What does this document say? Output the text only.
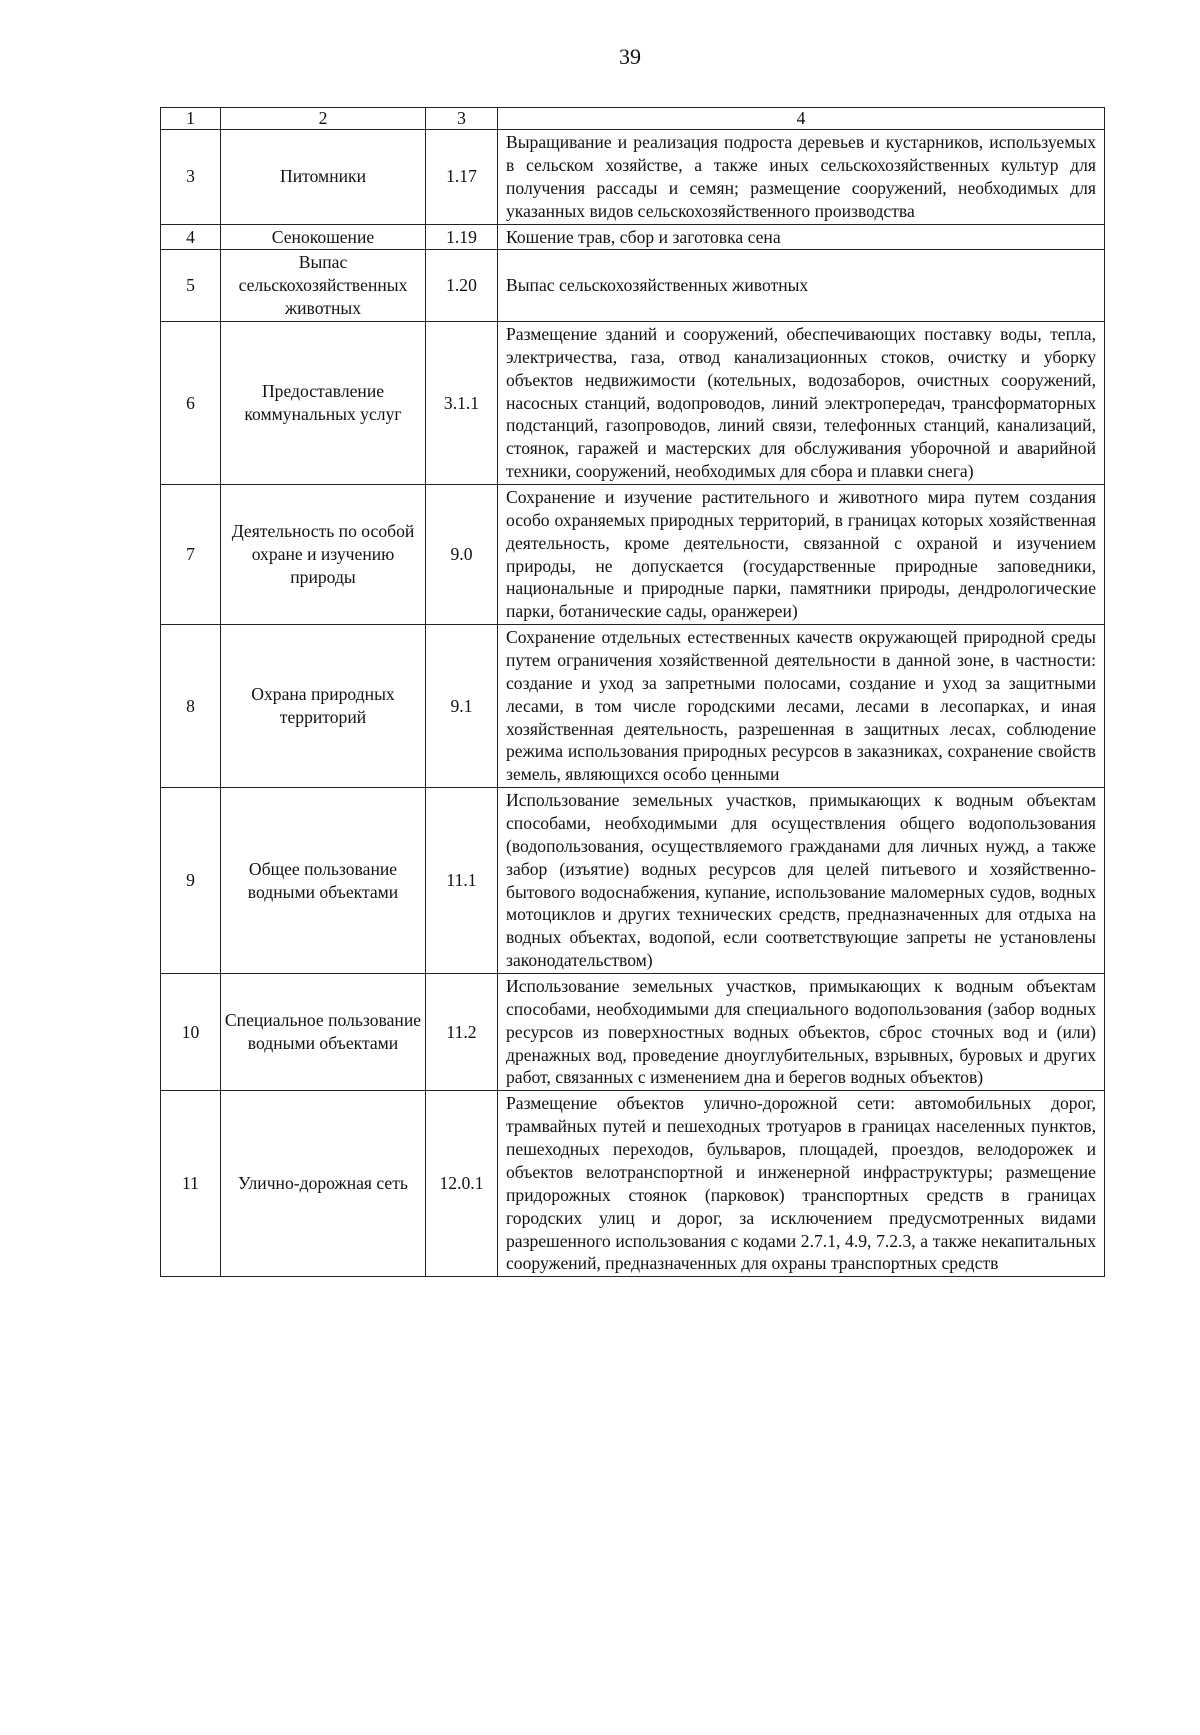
39
1	2	3	4
3	Питомники	1.17	Выращивание и реализация подроста деревьев и кустарников, используемых в сельском хозяйстве, а также иных сельскохозяйственных культур для получения рассады и семян; размещение сооружений, необходимых для указанных видов сельскохозяйственного производства
4	Сенокошение	1.19	Кошение трав, сбор и заготовка сена
5	Выпас сельскохозяйственных животных	1.20	Выпас сельскохозяйственных животных
6	Предоставление коммунальных услуг	3.1.1	Размещение зданий и сооружений, обеспечивающих поставку воды, тепла, электричества, газа, отвод канализационных стоков, очистку и уборку объектов недвижимости (котельных, водозаборов, очистных сооружений, насосных станций, водопроводов, линий электропередач, трансформаторных подстанций, газопроводов, линий связи, телефонных станций, канализаций, стоянок, гаражей и мастерских для обслуживания уборочной и аварийной техники, сооружений, необходимых для сбора и плавки снега)
7	Деятельность по особой охране и изучению природы	9.0	Сохранение и изучение растительного и животного мира путем создания особо охраняемых природных территорий, в границах которых хозяйственная деятельность, кроме деятельности, связанной с охраной и изучением природы, не допускается (государственные природные заповедники, национальные и природные парки, памятники природы, дендрологические парки, ботанические сады, оранжереи)
8	Охрана природных территорий	9.1	Сохранение отдельных естественных качеств окружающей природной среды путем ограничения хозяйственной деятельности в данной зоне, в частности: создание и уход за запретными полосами, создание и уход за защитными лесами, в том числе городскими лесами, лесами в лесопарках, и иная хозяйственная деятельность, разрешенная в защитных лесах, соблюдение режима использования природных ресурсов в заказниках, сохранение свойств земель, являющихся особо ценными
9	Общее пользование водными объектами	11.1	Использование земельных участков, примыкающих к водным объектам способами, необходимыми для осуществления общего водопользования (водопользования, осуществляемого гражданами для личных нужд, а также забор (изъятие) водных ресурсов для целей питьевого и хозяйственно-бытового водоснабжения, купание, использование маломерных судов, водных мотоциклов и другиx технических средств, предназначенных для отдыха на водных объектах, водопой, если соответствующие запреты не установлены законодательством)
10	Специальное пользование водными объектами	11.2	Использование земельных участков, примыкающих к водным объектам способами, необходимыми для специального водопользования (забор водных ресурсов из поверхностных водных объектов, сброс сточных вод и (или) дренажных вод, проведение дноуглубительных, взрывных, буровых и других работ, связанных с изменением дна и берегов водных объектов)
11	Улично-дорожная сеть	12.0.1	Размещение объектов улично-дорожной сети: автомобильных дорог, трамвайных путей и пешеходных тротуаров в границах населенных пунктов, пешеходных переходов, бульваров, площадей, проездов, велодорожек и объектов велотранспортной и инженерной инфраструктуры; размещение придорожных стоянок (парковок) транспортных средств в границах городских улиц и дорог, за исключением предусмотренных видами разрешенного использования с кодами 2.7.1, 4.9, 7.2.3, а также некапитальных сооружений, предназначенных для охраны транспортных средств
